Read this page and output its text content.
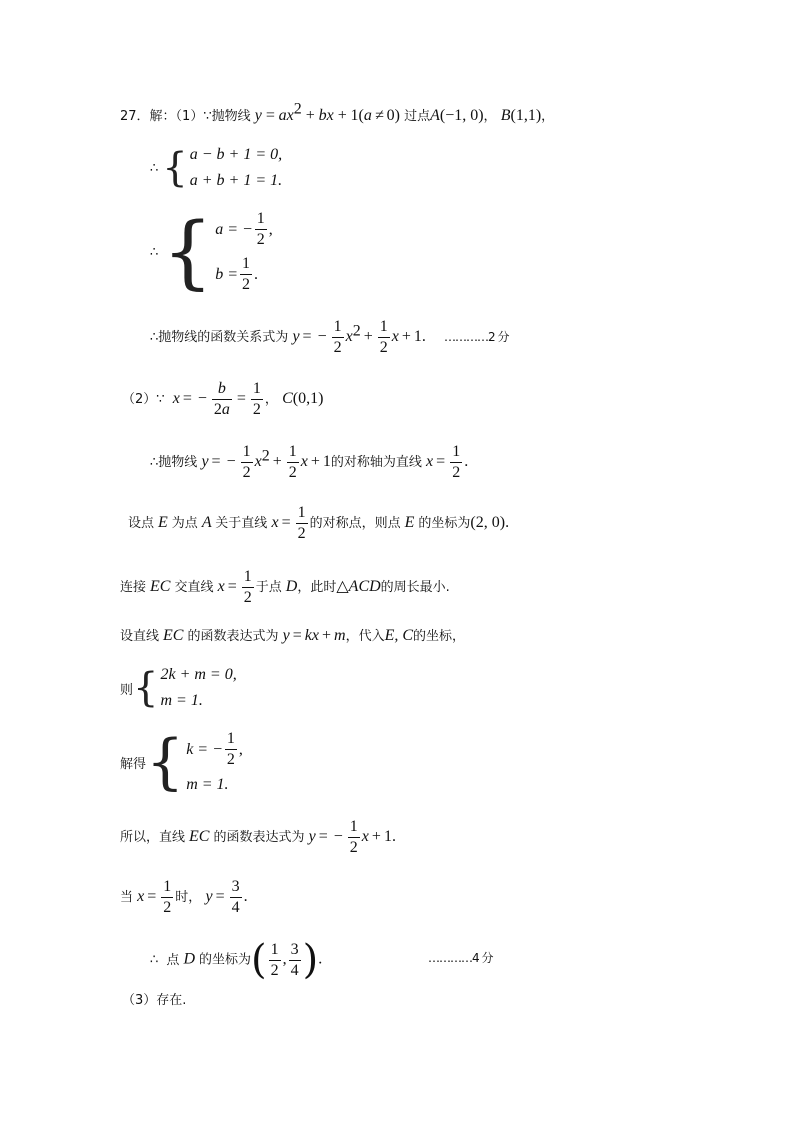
27．解：（1）∵抛物线 $y = ax^2$ + bx + 1(a ≠ 0) 过点A(−1, 0)， B(1,1)，
∴ { a − b + 1 = 0,
a + b + 1 = 1.
∴ { a = − $\frac{1}{2}$ ,
$b = \frac{1}{2}$ .
∴抛物线的函数关系式为 y = − $\frac{1}{2} x^2 + \frac{1}{2}$ x + 1. …………2 分
（2）∵ x = − $\frac{b}{2a} = \frac{1}{2}$ ， C(0,1)
∴抛物线 y = − $\frac{1}{2} x^2 + \frac{1}{2}$ x + 1的对称轴为直线 $x = \frac{1}{2}$ .
设点 E 为点 A 关于直线 $x = \frac{1}{2}$ 的对称点，则点 E 的坐标为(2, 0).
连接 EC 交直线 $x = \frac{1}{2}$ 于点 D，此时△ACD的周长最小.
设直线 EC 的函数表达式为 y = kx + m，代入E, C的坐标，
则 { 2k + m = 0,
m = 1.
解得 { k = − $\frac{1}{2}$ ,
m = 1.
所以，直线 EC 的函数表达式为 y = − $\frac{1}{2}$ x + 1.
当 $x = \frac{1}{2}$ 时， $y = \frac{3}{4}$ .
∴ 点 D 的坐标为( $\frac{1}{2}$ , $\frac{3}{4}$ ).	…………4 分
（3）存在.
